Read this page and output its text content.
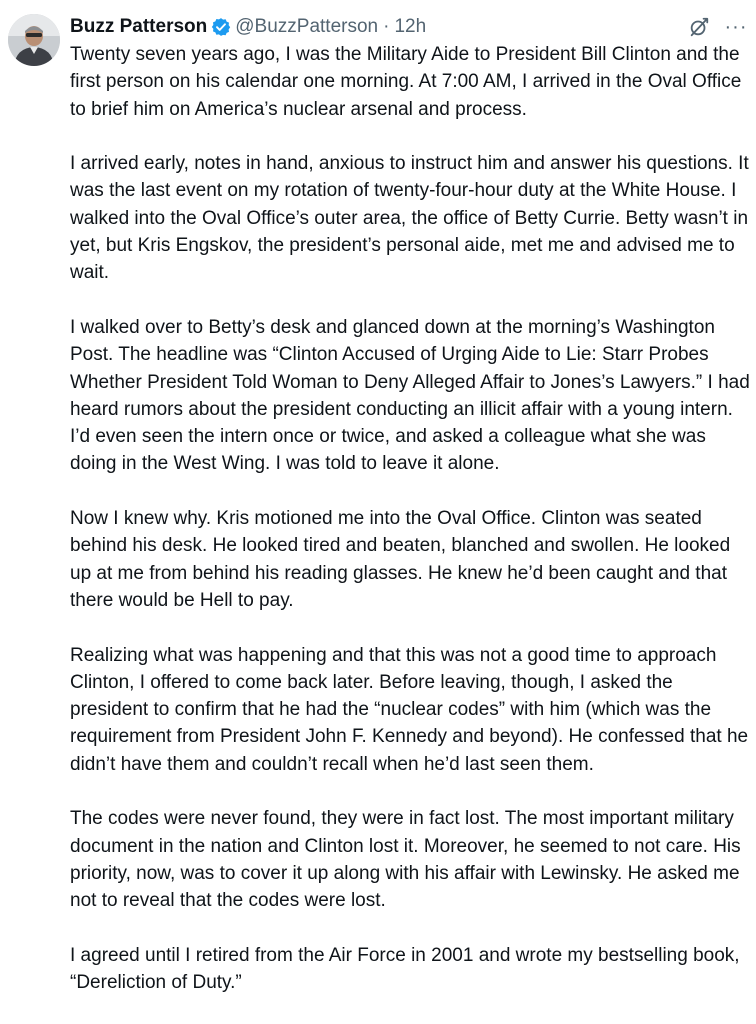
Buzz Patterson @BuzzPatterson · 12h	···

Twenty seven years ago, I was the Military Aide to President Bill Clinton and the first person on his calendar one morning. At 7:00 AM, I arrived in the Oval Office to brief him on America’s nuclear arsenal and process.

I arrived early, notes in hand, anxious to instruct him and answer his questions. It was the last event on my rotation of twenty-four-hour duty at the White House. I walked into the Oval Office’s outer area, the office of Betty Currie. Betty wasn’t in yet, but Kris Engskov, the president’s personal aide, met me and advised me to wait.

I walked over to Betty’s desk and glanced down at the morning’s Washington Post. The headline was “Clinton Accused of Urging Aide to Lie: Starr Probes Whether President Told Woman to Deny Alleged Affair to Jones’s Lawyers.” I had heard rumors about the president conducting an illicit affair with a young intern. I’d even seen the intern once or twice, and asked a colleague what she was doing in the West Wing. I was told to leave it alone.

Now I knew why. Kris motioned me into the Oval Office. Clinton was seated behind his desk. He looked tired and beaten, blanched and swollen. He looked up at me from behind his reading glasses. He knew he’d been caught and that there would be Hell to pay.

Realizing what was happening and that this was not a good time to approach Clinton, I offered to come back later. Before leaving, though, I asked the president to confirm that he had the “nuclear codes” with him (which was the requirement from President John F. Kennedy and beyond). He confessed that he didn’t have them and couldn’t recall when he’d last seen them.

The codes were never found, they were in fact lost. The most important military document in the nation and Clinton lost it. Moreover, he seemed to not care. His priority, now, was to cover it up along with his affair with Lewinsky. He asked me not to reveal that the codes were lost.

I agreed until I retired from the Air Force in 2001 and wrote my bestselling book, “Dereliction of Duty.”
